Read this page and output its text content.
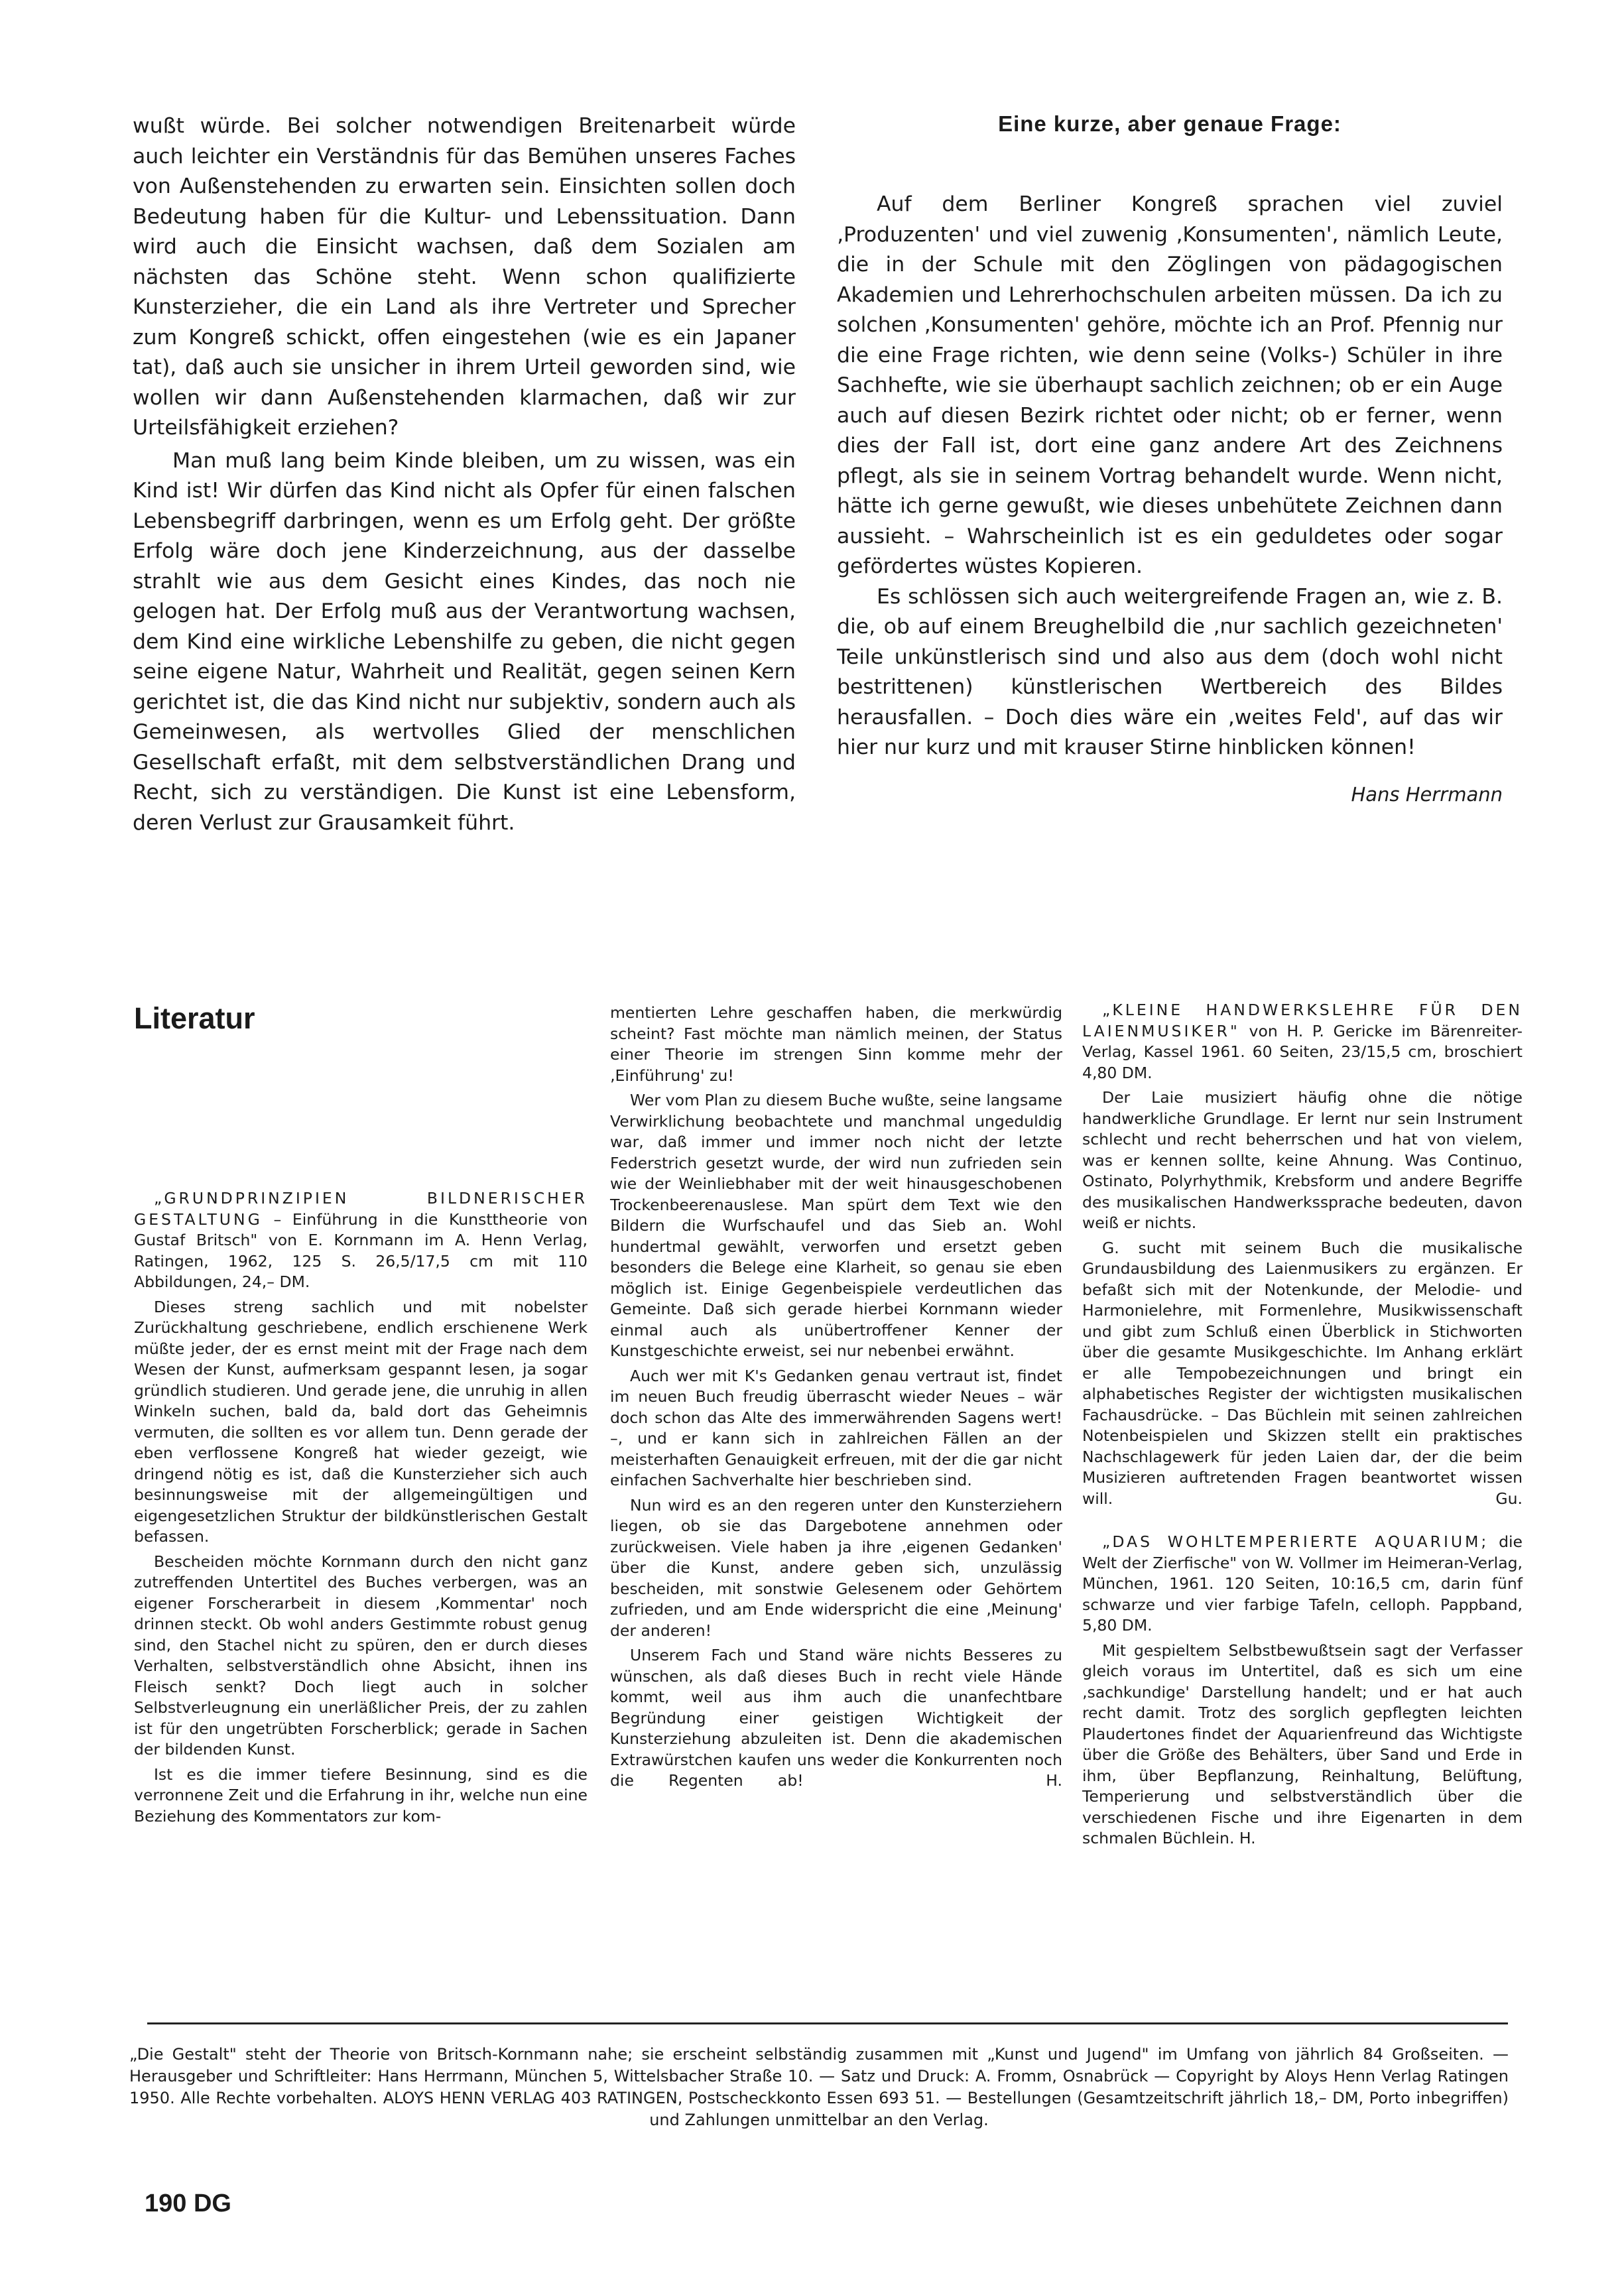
wußt würde. Bei solcher notwendigen Breitenarbeit würde auch leichter ein Verständnis für das Bemühen unseres Faches von Außenstehenden zu erwarten sein. Einsichten sollen doch Bedeutung haben für die Kultur- und Lebenssituation. Dann wird auch die Einsicht wachsen, daß dem Sozialen am nächsten das Schöne steht. Wenn schon qualifizierte Kunsterzieher, die ein Land als ihre Vertreter und Sprecher zum Kongreß schickt, offen eingestehen (wie es ein Japaner tat), daß auch sie unsicher in ihrem Urteil geworden sind, wie wollen wir dann Außenstehenden klarmachen, daß wir zur Urteilsfähigkeit erziehen?

Man muß lang beim Kinde bleiben, um zu wissen, was ein Kind ist! Wir dürfen das Kind nicht als Opfer für einen falschen Lebensbegriff darbringen, wenn es um Erfolg geht. Der größte Erfolg wäre doch jene Kinderzeichnung, aus der dasselbe strahlt wie aus dem Gesicht eines Kindes, das noch nie gelogen hat. Der Erfolg muß aus der Verantwortung wachsen, dem Kind eine wirkliche Lebenshilfe zu geben, die nicht gegen seine eigene Natur, Wahrheit und Realität, gegen seinen Kern gerichtet ist, die das Kind nicht nur subjektiv, sondern auch als Gemeinwesen, als wertvolles Glied der menschlichen Gesellschaft erfaßt, mit dem selbstverständlichen Drang und Recht, sich zu verständigen. Die Kunst ist eine Lebensform, deren Verlust zur Grausamkeit führt.

Eine kurze, aber genaue Frage:

Auf dem Berliner Kongreß sprachen viel zuviel ‚Produzenten' und viel zuwenig ‚Konsumenten', nämlich Leute, die in der Schule mit den Zöglingen von pädagogischen Akademien und Lehrerhochschulen arbeiten müssen. Da ich zu solchen ‚Konsumenten' gehöre, möchte ich an Prof. Pfennig nur die eine Frage richten, wie denn seine (Volks-) Schüler in ihre Sachhefte, wie sie überhaupt sachlich zeichnen; ob er ein Auge auch auf diesen Bezirk richtet oder nicht; ob er ferner, wenn dies der Fall ist, dort eine ganz andere Art des Zeichnens pflegt, als sie in seinem Vortrag behandelt wurde. Wenn nicht, hätte ich gerne gewußt, wie dieses unbehütete Zeichnen dann aussieht. – Wahrscheinlich ist es ein geduldetes oder sogar gefördertes wüstes Kopieren.

Es schlössen sich auch weitergreifende Fragen an, wie z. B. die, ob auf einem Breughelbild die ‚nur sachlich gezeichneten' Teile unkünstlerisch sind und also aus dem (doch wohl nicht bestrittenen) künstlerischen Wertbereich des Bildes herausfallen. – Doch dies wäre ein ‚weites Feld', auf das wir hier nur kurz und mit krauser Stirne hinblicken können!

Hans Herrmann

Literatur

„GRUNDPRINZIPIEN BILDNERISCHER GESTALTUNG – Einführung in die Kunsttheorie von Gustaf Britsch" von E. Kornmann im A. Henn Verlag, Ratingen, 1962, 125 S. 26,5/17,5 cm mit 110 Abbildungen, 24,– DM.

Dieses streng sachlich und mit nobelster Zurückhaltung geschriebene, endlich erschienene Werk müßte jeder, der es ernst meint mit der Frage nach dem Wesen der Kunst, aufmerksam gespannt lesen, ja sogar gründlich studieren. Und gerade jene, die unruhig in allen Winkeln suchen, bald da, bald dort das Geheimnis vermuten, die sollten es vor allem tun. Denn gerade der eben verflossene Kongreß hat wieder gezeigt, wie dringend nötig es ist, daß die Kunsterzieher sich auch besinnungsweise mit der allgemeingültigen und eigengesetzlichen Struktur der bildkünstlerischen Gestalt befassen.

Bescheiden möchte Kornmann durch den nicht ganz zutreffenden Untertitel des Buches verbergen, was an eigener Forscherarbeit in diesem ‚Kommentar' noch drinnen steckt. Ob wohl anders Gestimmte robust genug sind, den Stachel nicht zu spüren, den er durch dieses Verhalten, selbstverständlich ohne Absicht, ihnen ins Fleisch senkt? Doch liegt auch in solcher Selbstverleugnung ein unerläßlicher Preis, der zu zahlen ist für den ungetrübten Forscherblick; gerade in Sachen der bildenden Kunst.

Ist es die immer tiefere Besinnung, sind es die verronnene Zeit und die Erfahrung in ihr, welche nun eine Beziehung des Kommentators zur kom-

mentierten Lehre geschaffen haben, die merkwürdig scheint? Fast möchte man nämlich meinen, der Status einer Theorie im strengen Sinn komme mehr der ‚Einführung' zu!

Wer vom Plan zu diesem Buche wußte, seine langsame Verwirklichung beobachtete und manchmal ungeduldig war, daß immer und immer noch nicht der letzte Federstrich gesetzt wurde, der wird nun zufrieden sein wie der Weinliebhaber mit der weit hinausgeschobenen Trockenbeerenauslese. Man spürt dem Text wie den Bildern die Wurfschaufel und das Sieb an. Wohl hundertmal gewählt, verworfen und ersetzt geben besonders die Belege eine Klarheit, so genau sie eben möglich ist. Einige Gegenbeispiele verdeutlichen das Gemeinte. Daß sich gerade hierbei Kornmann wieder einmal auch als unübertroffener Kenner der Kunstgeschichte erweist, sei nur nebenbei erwähnt.

Auch wer mit K's Gedanken genau vertraut ist, findet im neuen Buch freudig überrascht wieder Neues – wär doch schon das Alte des immerwährenden Sagens wert! –, und er kann sich in zahlreichen Fällen an der meisterhaften Genauigkeit erfreuen, mit der die gar nicht einfachen Sachverhalte hier beschrieben sind.

Nun wird es an den regeren unter den Kunsterziehern liegen, ob sie das Dargebotene annehmen oder zurückweisen. Viele haben ja ihre ‚eigenen Gedanken' über die Kunst, andere geben sich, unzulässig bescheiden, mit sonstwie Gelesenem oder Gehörtem zufrieden, und am Ende widerspricht die eine ‚Meinung' der anderen!

Unserem Fach und Stand wäre nichts Besseres zu wünschen, als daß dieses Buch in recht viele Hände kommt, weil aus ihm auch die unanfechtbare Begründung einer geistigen Wichtigkeit der Kunsterziehung abzuleiten ist. Denn die akademischen Extrawürstchen kaufen uns weder die Konkurrenten noch die Regenten ab!	H.

„KLEINE HANDWERKSLEHRE FÜR DEN LAIENMUSIKER" von H. P. Gericke im Bärenreiter-Verlag, Kassel 1961. 60 Seiten, 23/15,5 cm, broschiert 4,80 DM.

Der Laie musiziert häufig ohne die nötige handwerkliche Grundlage. Er lernt nur sein Instrument schlecht und recht beherrschen und hat von vielem, was er kennen sollte, keine Ahnung. Was Continuo, Ostinato, Polyrhythmik, Krebsform und andere Begriffe des musikalischen Handwerkssprache bedeuten, davon weiß er nichts.

G. sucht mit seinem Buch die musikalische Grundausbildung des Laienmusikers zu ergänzen. Er befaßt sich mit der Notenkunde, der Melodie- und Harmonielehre, mit Formenlehre, Musikwissenschaft und gibt zum Schluß einen Überblick in Stichworten über die gesamte Musikgeschichte. Im Anhang erklärt er alle Tempobezeichnungen und bringt ein alphabetisches Register der wichtigsten musikalischen Fachausdrücke. – Das Büchlein mit seinen zahlreichen Notenbeispielen und Skizzen stellt ein praktisches Nachschlagewerk für jeden Laien dar, der die beim Musizieren auftretenden Fragen beantwortet wissen will.	Gu.

„DAS WOHLTEMPERIERTE AQUARIUM; die Welt der Zierfische" von W. Vollmer im Heimeran-Verlag, München, 1961. 120 Seiten, 10:16,5 cm, darin fünf schwarze und vier farbige Tafeln, celloph. Pappband, 5,80 DM.

Mit gespieltem Selbstbewußtsein sagt der Verfasser gleich voraus im Untertitel, daß es sich um eine ‚sachkundige' Darstellung handelt; und er hat auch recht damit. Trotz des sorglich gepflegten leichten Plaudertones findet der Aquarienfreund das Wichtigste über die Größe des Behälters, über Sand und Erde in ihm, über Bepflanzung, Reinhaltung, Belüftung, Temperierung und selbstverständlich über die verschiedenen Fische und ihre Eigenarten in dem schmalen Büchlein. H.

„Die Gestalt" steht der Theorie von Britsch-Kornmann nahe; sie erscheint selbständig zusammen mit „Kunst und Jugend" im Umfang von jährlich 84 Großseiten. — Herausgeber und Schriftleiter: Hans Herrmann, München 5, Wittelsbacher Straße 10. — Satz und Druck: A. Fromm, Osnabrück — Copyright by Aloys Henn Verlag Ratingen 1950. Alle Rechte vorbehalten. ALOYS HENN VERLAG 403 RATINGEN, Postscheckkonto Essen 693 51. — Bestellungen (Gesamtzeitschrift jährlich 18,– DM, Porto inbegriffen) und Zahlungen unmittelbar an den Verlag.

190 DG
